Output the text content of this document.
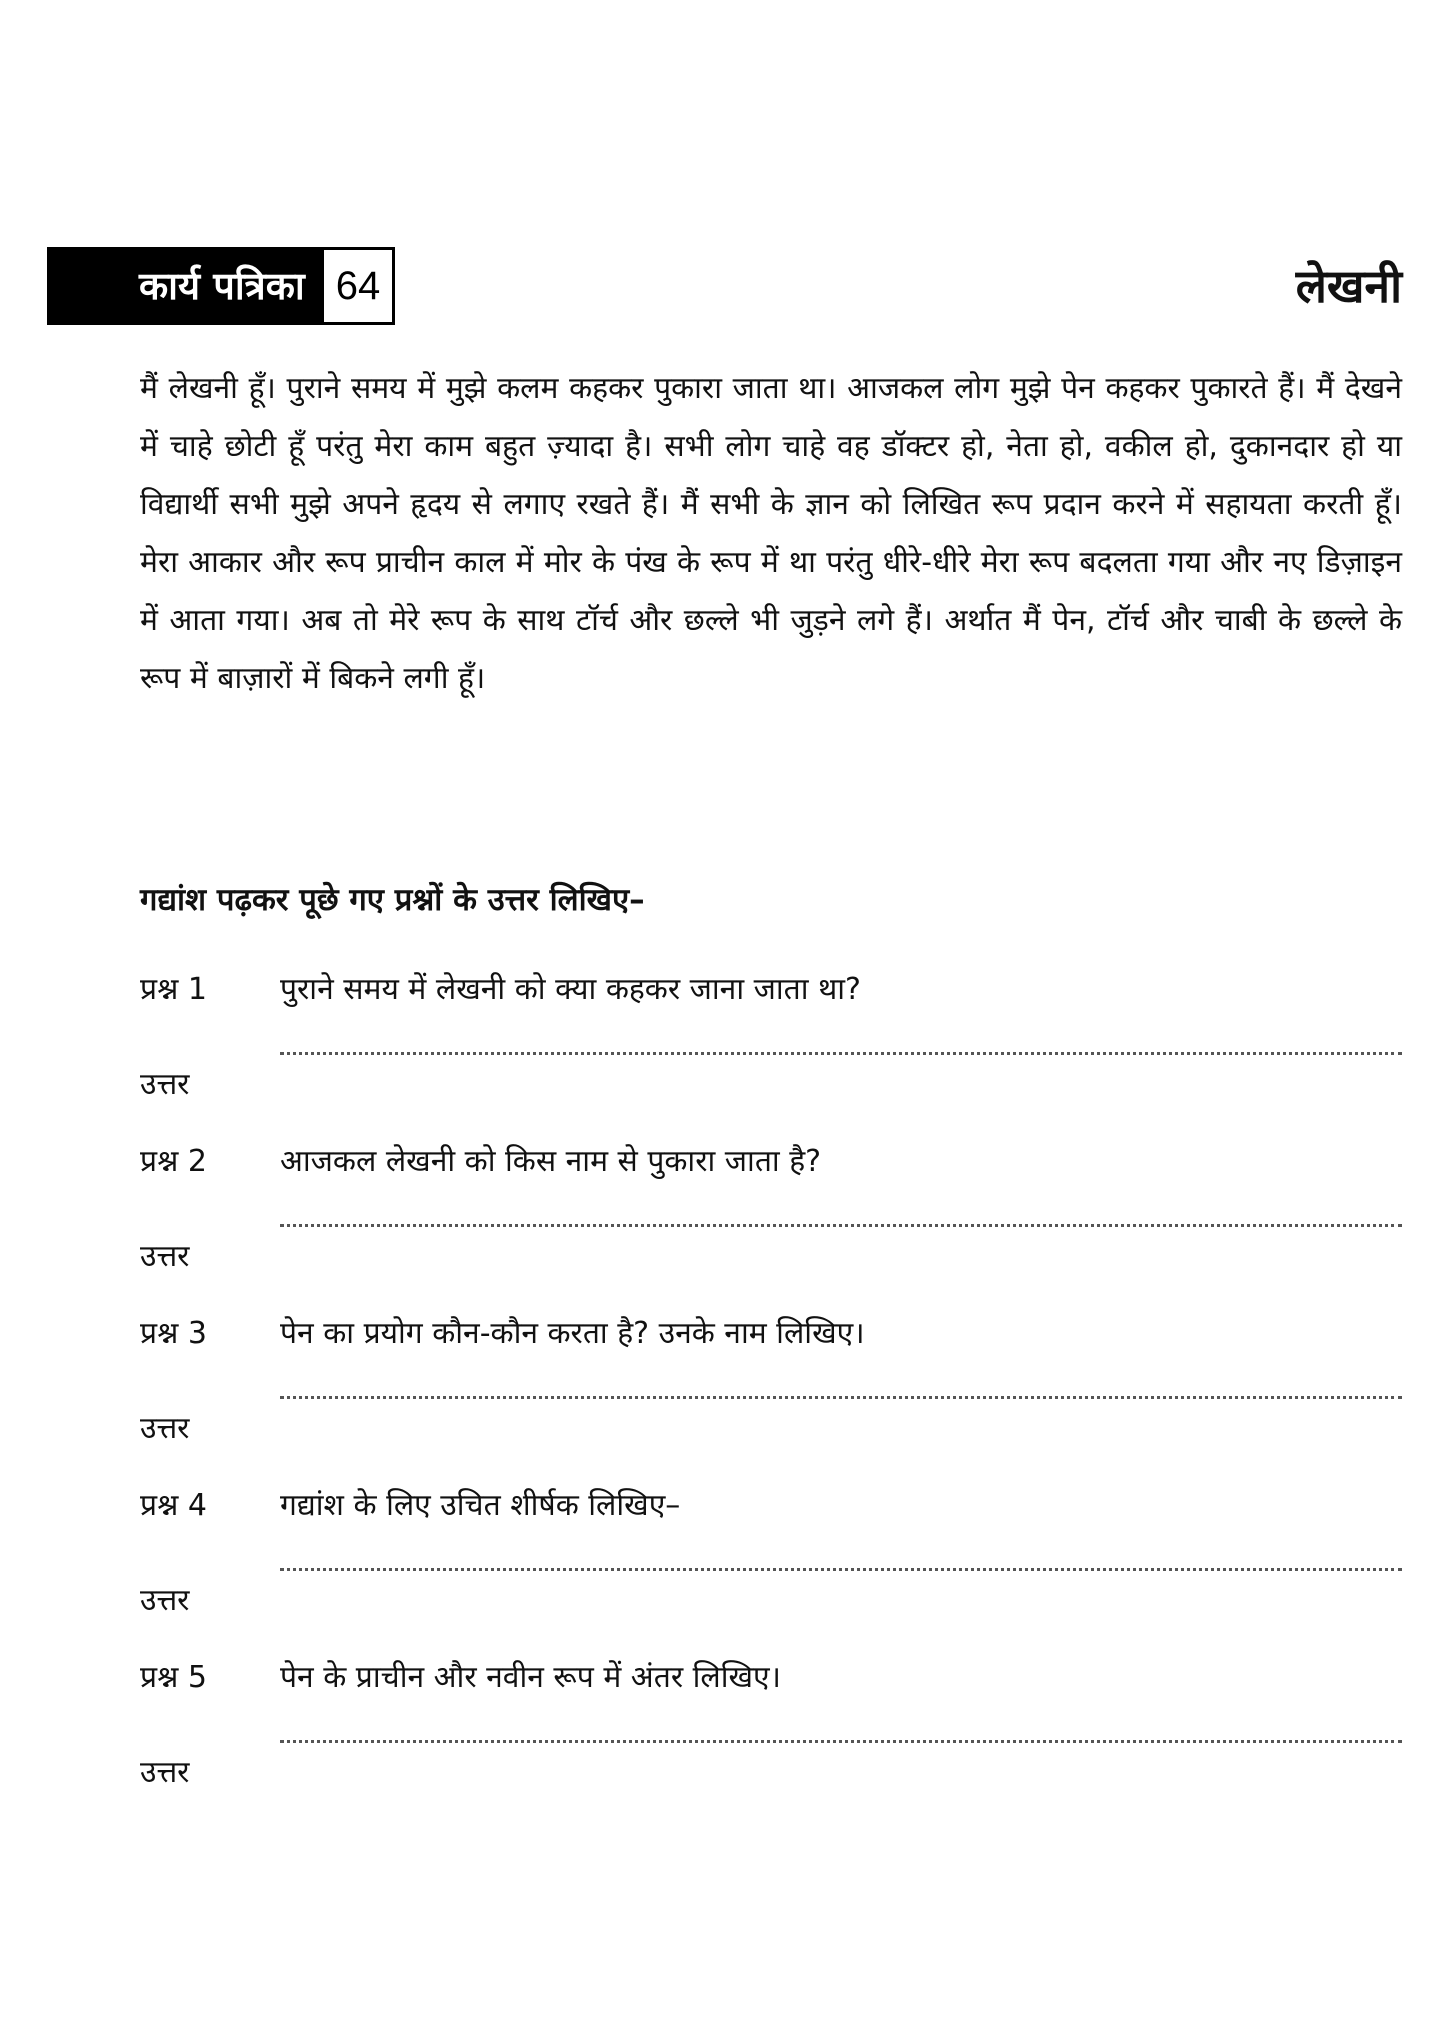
कार्य पत्रिका 64	लेखनी

मैं लेखनी हूँ। पुराने समय में मुझे कलम कहकर पुकारा जाता था। आजकल लोग मुझे पेन कहकर पुकारते हैं। मैं देखने में चाहे छोटी हूँ परंतु मेरा काम बहुत ज़्यादा है। सभी लोग चाहे वह डॉक्टर हो, नेता हो, वकील हो, दुकानदार हो या विद्यार्थी सभी मुझे अपने हृदय से लगाए रखते हैं। मैं सभी के ज्ञान को लिखित रूप प्रदान करने में सहायता करती हूँ। मेरा आकार और रूप प्राचीन काल में मोर के पंख के रूप में था परंतु धीरे-धीरे मेरा रूप बदलता गया और नए डिज़ाइन में आता गया। अब तो मेरे रूप के साथ टॉर्च और छल्ले भी जुड़ने लगे हैं। अर्थात मैं पेन, टॉर्च और चाबी के छल्ले के रूप में बाज़ारों में बिकने लगी हूँ।

गद्यांश पढ़कर पूछे गए प्रश्नों के उत्तर लिखिए–
प्रश्न 1 पुराने समय में लेखनी को क्या कहकर जाना जाता था?
उत्तर
प्रश्न 2 आजकल लेखनी को किस नाम से पुकारा जाता है?
उत्तर
प्रश्न 3 पेन का प्रयोग कौन-कौन करता है? उनके नाम लिखिए।
उत्तर
प्रश्न 4 गद्यांश के लिए उचित शीर्षक लिखिए–
उत्तर
प्रश्न 5 पेन के प्राचीन और नवीन रूप में अंतर लिखिए।
उत्तर
